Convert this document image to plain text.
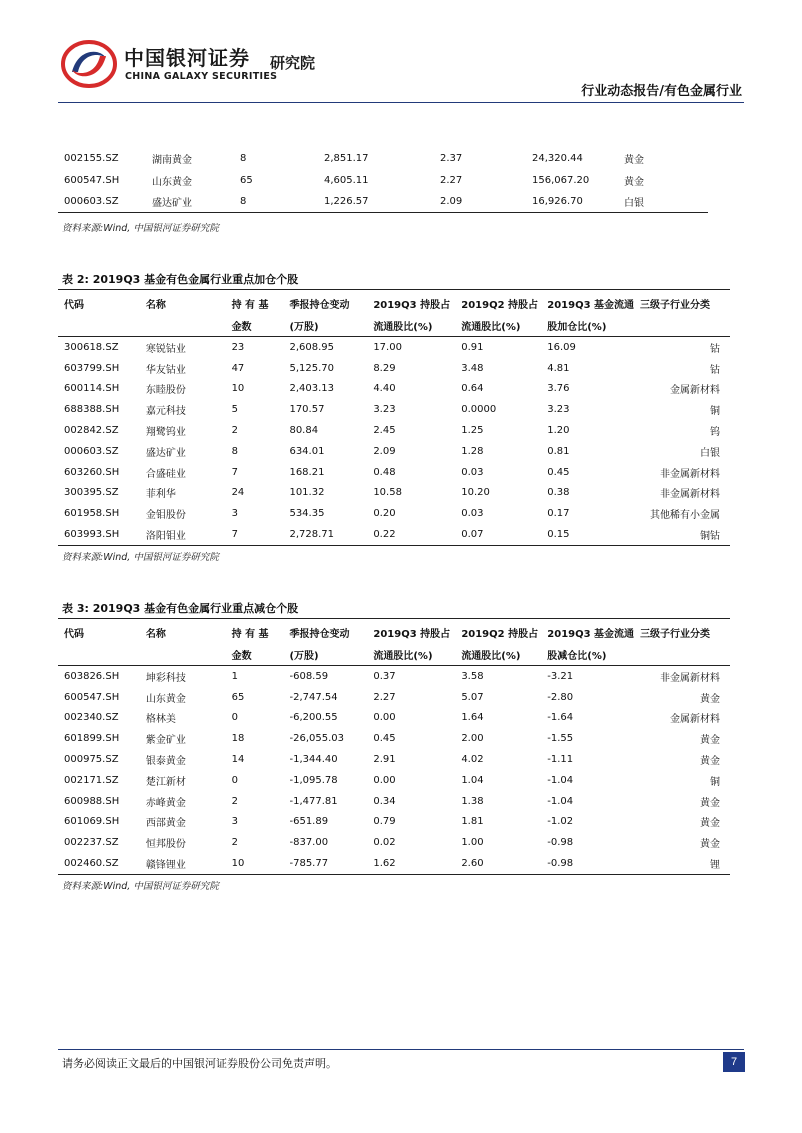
中国银河证券 研究院
CHINA GALAXY SECURITIES
行业动态报告/有色金属行业
002155.SZ	湖南黄金	8	2,851.17	2.37	24,320.44	黄金
600547.SH	山东黄金	65	4,605.11	2.27	156,067.20	黄金
000603.SZ	盛达矿业	8	1,226.57	2.09	16,926.70	白银
资料来源:Wind, 中国银河证券研究院
表 2: 2019Q3 基金有色金属行业重点加仓个股
代码	名称	持 有 基	季报持仓变动	2019Q3 持股占	2019Q2 持股占	2019Q3 基金流通	三级子行业分类
		金数	(万股)	流通股比(%)	流通股比(%)	股加仓比(%)	
300618.SZ	寒锐钴业	23	2,608.95	17.00	0.91	16.09	钴
603799.SH	华友钴业	47	5,125.70	8.29	3.48	4.81	钴
600114.SH	东睦股份	10	2,403.13	4.40	0.64	3.76	金属新材料
688388.SH	嘉元科技	5	170.57	3.23	0.0000	3.23	铜
002842.SZ	翔鹭钨业	2	80.84	2.45	1.25	1.20	钨
000603.SZ	盛达矿业	8	634.01	2.09	1.28	0.81	白银
603260.SH	合盛硅业	7	168.21	0.48	0.03	0.45	非金属新材料
300395.SZ	菲利华	24	101.32	10.58	10.20	0.38	非金属新材料
601958.SH	金钼股份	3	534.35	0.20	0.03	0.17	其他稀有小金属
603993.SH	洛阳钼业	7	2,728.71	0.22	0.07	0.15	铜钴
资料来源:Wind, 中国银河证券研究院
表 3: 2019Q3 基金有色金属行业重点减仓个股
代码	名称	持 有 基	季报持仓变动	2019Q3 持股占	2019Q2 持股占	2019Q3 基金流通	三级子行业分类
		金数	(万股)	流通股比(%)	流通股比(%)	股减仓比(%)	
603826.SH	坤彩科技	1	-608.59	0.37	3.58	-3.21	非金属新材料
600547.SH	山东黄金	65	-2,747.54	2.27	5.07	-2.80	黄金
002340.SZ	格林美	0	-6,200.55	0.00	1.64	-1.64	金属新材料
601899.SH	紫金矿业	18	-26,055.03	0.45	2.00	-1.55	黄金
000975.SZ	银泰黄金	14	-1,344.40	2.91	4.02	-1.11	黄金
002171.SZ	楚江新材	0	-1,095.78	0.00	1.04	-1.04	铜
600988.SH	赤峰黄金	2	-1,477.81	0.34	1.38	-1.04	黄金
601069.SH	西部黄金	3	-651.89	0.79	1.81	-1.02	黄金
002237.SZ	恒邦股份	2	-837.00	0.02	1.00	-0.98	黄金
002460.SZ	赣锋锂业	10	-785.77	1.62	2.60	-0.98	锂
资料来源:Wind, 中国银河证券研究院
请务必阅读正文最后的中国银河证券股份公司免责声明。	7
